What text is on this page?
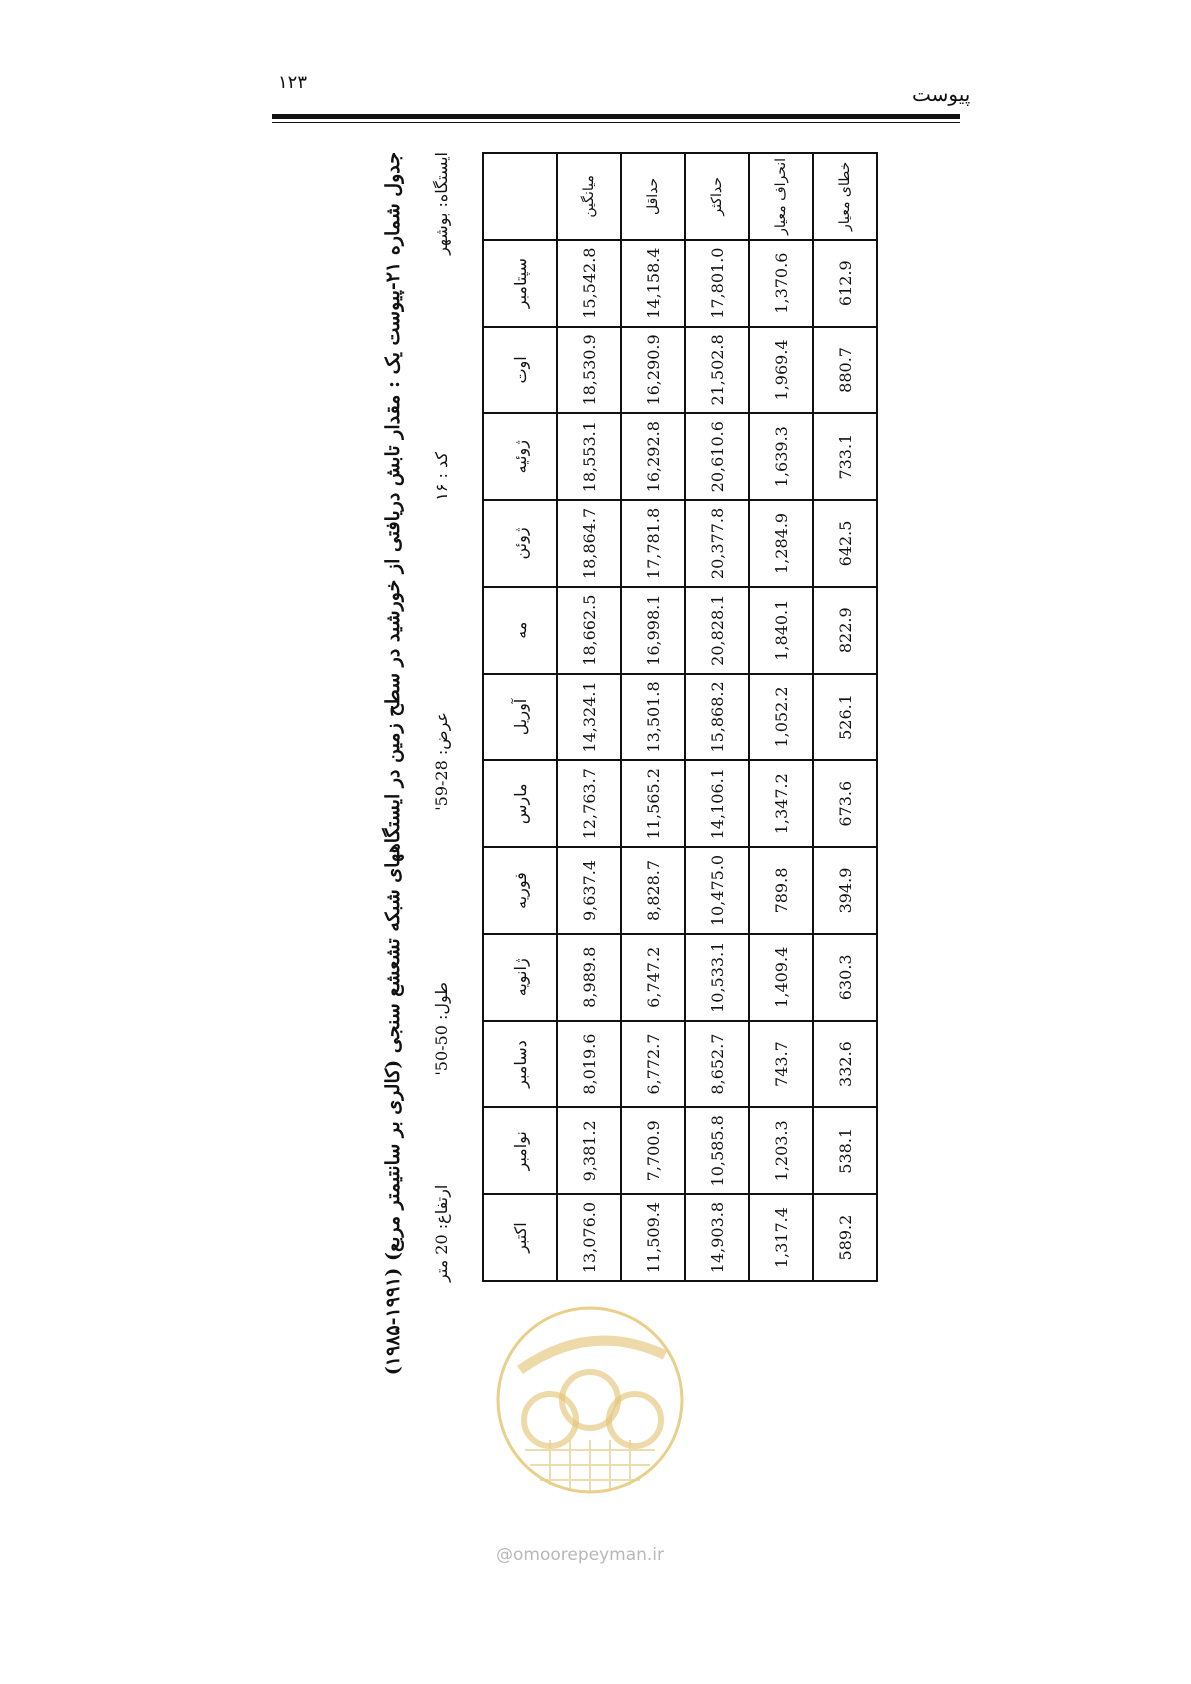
۱۲۳	پیوست
جدول شماره ۲۱-پیوست یک : مقدار تابش دریافتی از خورشید در سطح زمین در ایستگاههای شبکه تشعشع سنجی (کالری بر سانتیمتر مربع) (۱۹۹۱-۱۹۸۵) ایستگاه: بوشهر
کد : ۱۶
عرض: 28-59'
طول: 50-50'
ارتفاع: 20 متر
	سپتامبر	اوت	ژوئیه	ژوئن	مه	آوریل	مارس	فوریه	ژانویه	دسامبر	نوامبر	اکتبر
میانگین	15,542.8	18,530.9	18,553.1	18,864.7	18,662.5	14,324.1	12,763.7	9,637.4	8,989.8	8,019.6	9,381.2	13,076.0
حداقل	14,158.4	16,290.9	16,292.8	17,781.8	16,998.1	13,501.8	11,565.2	8,828.7	6,747.2	6,772.7	7,700.9	11,509.4
حداکثر	17,801.0	21,502.8	20,610.6	20,377.8	20,828.1	15,868.2	14,106.1	10,475.0	10,533.1	8,652.7	10,585.8	14,903.8
انحراف معیار	1,370.6	1,969.4	1,639.3	1,284.9	1,840.1	1,052.2	1,347.2	789.8	1,409.4	743.7	1,203.3	1,317.4
خطای معیار	612.9	880.7	733.1	642.5	822.9	526.1	673.6	394.9	630.3	332.6	538.1	589.2
@omoorepeyman.ir
